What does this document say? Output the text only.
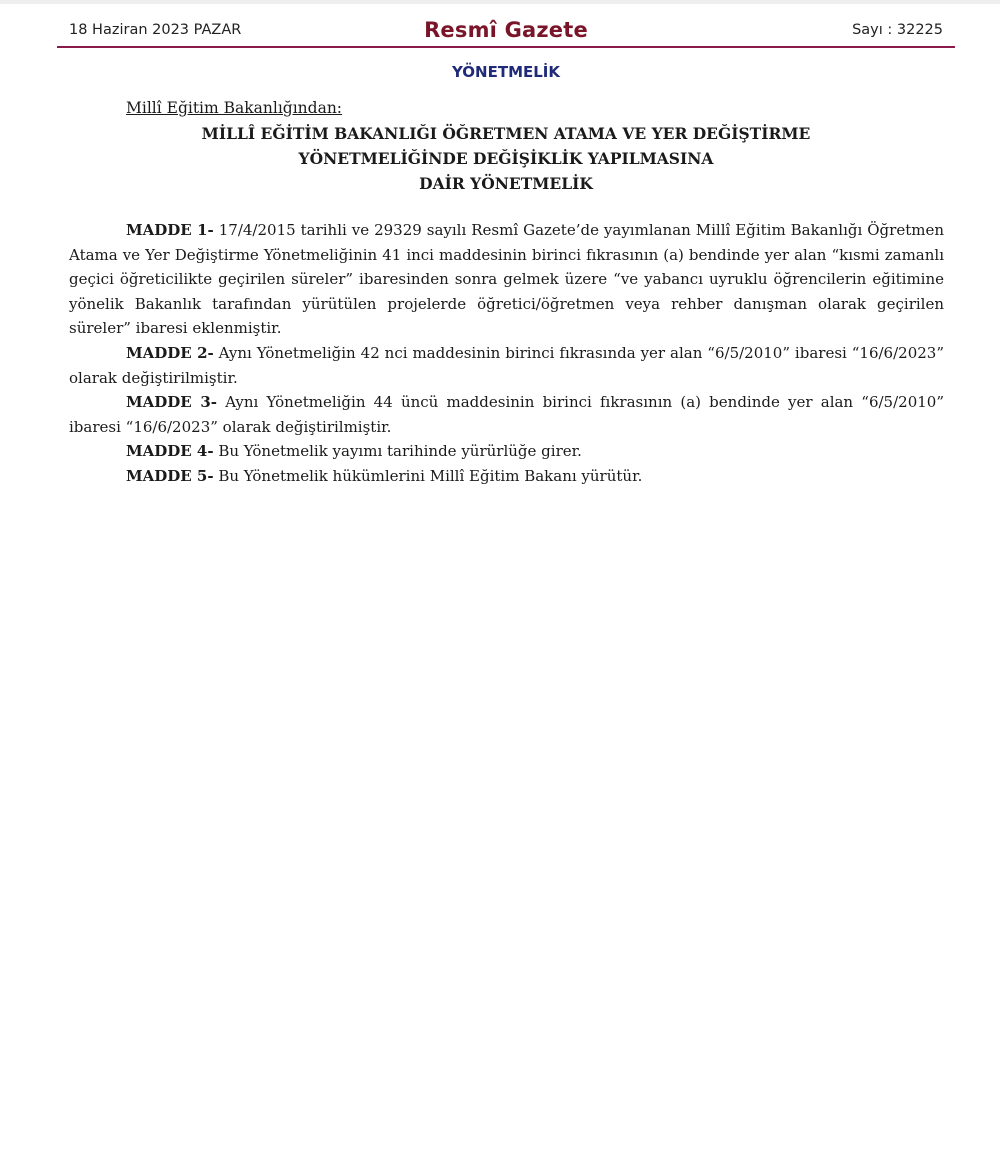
18 Haziran 2023 PAZAR	Resmî Gazete	Sayı : 32225
YÖNETMELİK
Millî Eğitim Bakanlığından:
MİLLÎ EĞİTİM BAKANLIĞI ÖĞRETMEN ATAMA VE YER DEĞİŞTİRME
YÖNETMELİĞİNDE DEĞİŞİKLİK YAPILMASINA
DAİR YÖNETMELİK

MADDE 1- 17/4/2015 tarihli ve 29329 sayılı Resmî Gazete’de yayımlanan Millî Eğitim Bakanlığı Öğretmen Atama ve Yer Değiştirme Yönetmeliğinin 41 inci maddesinin birinci fıkrasının (a) bendinde yer alan “kısmi zamanlı geçici öğreticilikte geçirilen süreler” ibaresinden sonra gelmek üzere “ve yabancı uyruklu öğrencilerin eğitimine yönelik Bakanlık tarafından yürütülen projelerde öğretici/öğretmen veya rehber danışman olarak geçirilen süreler” ibaresi eklenmiştir.

MADDE 2- Aynı Yönetmeliğin 42 nci maddesinin birinci fıkrasında yer alan “6/5/2010” ibaresi “16/6/2023” olarak değiştirilmiştir.

MADDE 3- Aynı Yönetmeliğin 44 üncü maddesinin birinci fıkrasının (a) bendinde yer alan “6/5/2010” ibaresi “16/6/2023” olarak değiştirilmiştir.

MADDE 4- Bu Yönetmelik yayımı tarihinde yürürlüğe girer.

MADDE 5- Bu Yönetmelik hükümlerini Millî Eğitim Bakanı yürütür.
